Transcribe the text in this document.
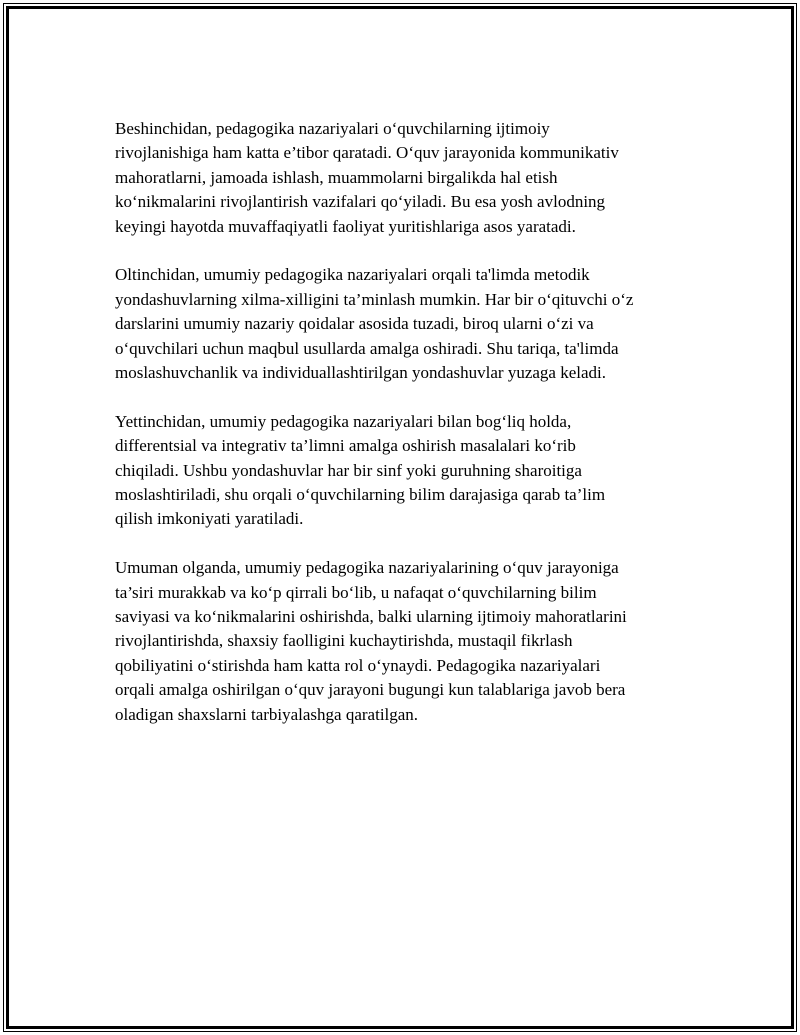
Beshinchidan, pedagogika nazariyalari o‘quvchilarning ijtimoiy
rivojlanishiga ham katta e’tibor qaratadi. O‘quv jarayonida kommunikativ
mahoratlarni, jamoada ishlash, muammolarni birgalikda hal etish
ko‘nikmalarini rivojlantirish vazifalari qo‘yiladi. Bu esa yosh avlodning
keyingi hayotda muvaffaqiyatli faoliyat yuritishlariga asos yaratadi.

Oltinchidan, umumiy pedagogika nazariyalari orqali ta'limda metodik
yondashuvlarning xilma-xilligini ta’minlash mumkin. Har bir o‘qituvchi o‘z
darslarini umumiy nazariy qoidalar asosida tuzadi, biroq ularni o‘zi va
o‘quvchilari uchun maqbul usullarda amalga oshiradi. Shu tariqa, ta'limda
moslashuvchanlik va individuallashtirilgan yondashuvlar yuzaga keladi.

Yettinchidan, umumiy pedagogika nazariyalari bilan bog‘liq holda,
differentsial va integrativ ta’limni amalga oshirish masalalari ko‘rib
chiqiladi. Ushbu yondashuvlar har bir sinf yoki guruhning sharoitiga
moslashtiriladi, shu orqali o‘quvchilarning bilim darajasiga qarab ta’lim
qilish imkoniyati yaratiladi.

Umuman olganda, umumiy pedagogika nazariyalarining o‘quv jarayoniga
ta’siri murakkab va ko‘p qirrali bo‘lib, u nafaqat o‘quvchilarning bilim
saviyasi va ko‘nikmalarini oshirishda, balki ularning ijtimoiy mahoratlarini
rivojlantirishda, shaxsiy faolligini kuchaytirishda, mustaqil fikrlash
qobiliyatini o‘stirishda ham katta rol o‘ynaydi. Pedagogika nazariyalari
orqali amalga oshirilgan o‘quv jarayoni bugungi kun talablariga javob bera
oladigan shaxslarni tarbiyalashga qaratilgan.
